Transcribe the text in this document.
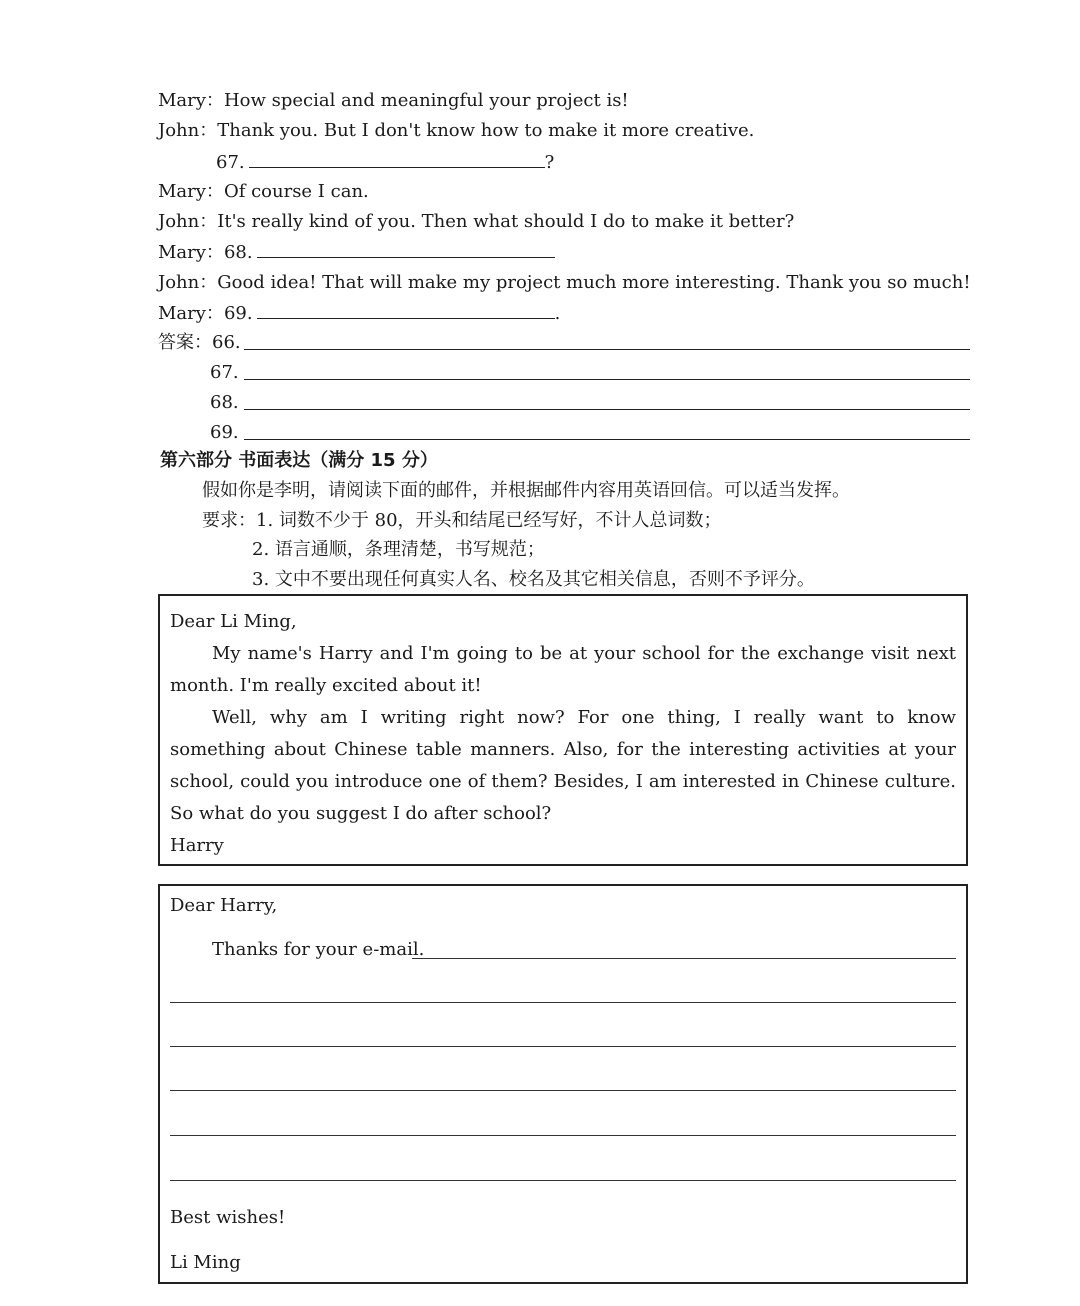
Mary：How special and meaningful your project is!
John：Thank you. But I don't know how to make it more creative.
67.	?
Mary：Of course I can.
John：It's really kind of you. Then what should I do to make it better?
Mary：68.
John：Good idea! That will make my project much more interesting. Thank you so much!
Mary：69.	.
答案：66.
67.
68.
69.
第六部分 书面表达（满分 15 分）
假如你是李明，请阅读下面的邮件，并根据邮件内容用英语回信。可以适当发挥。
要求：1. 词数不少于 80，开头和结尾已经写好，不计人总词数；
2. 语言通顺，条理清楚，书写规范；
3. 文中不要出现任何真实人名、校名及其它相关信息，否则不予评分。
Dear Li Ming,
My name's Harry and I'm going to be at your school for the exchange visit next month. I'm really excited about it!
Well, why am I writing right now? For one thing, I really want to know something about Chinese table manners. Also, for the interesting activities at your school, could you introduce one of them? Besides, I am interested in Chinese culture. So what do you suggest I do after school?
Harry
Dear Harry,
Thanks for your e-mail.
Best wishes!
Li Ming
